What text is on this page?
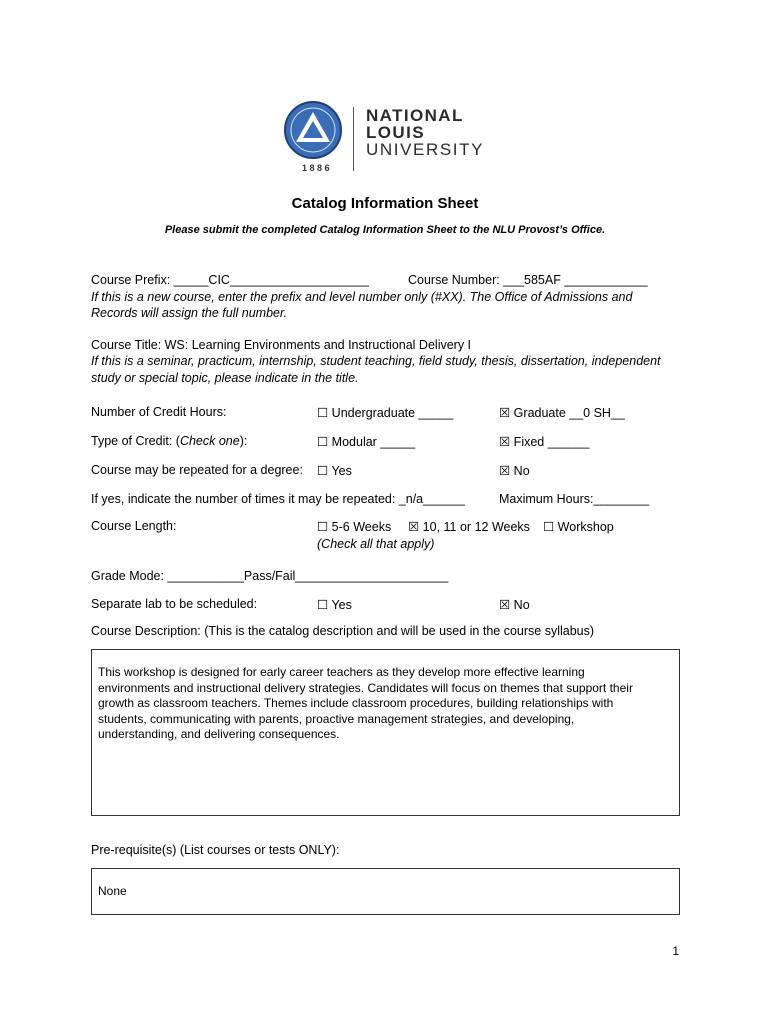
1886
NATIONAL
LOUIS
UNIVERSITY
Catalog Information Sheet
Please submit the completed Catalog Information Sheet to the NLU Provost’s Office.
Course Prefix: _____CIC____________________	Course Number: ___585AF ____________
If this is a new course, enter the prefix and level number only (#XX). The Office of Admissions and
Records will assign the full number.
Course Title: WS: Learning Environments and Instructional Delivery I
If this is a seminar, practicum, internship, student teaching, field study, thesis, dissertation, independent
study or special topic, please indicate in the title.
Number of Credit Hours:	☐ Undergraduate _____	☒ Graduate __0 SH__
Type of Credit: (Check one):	☐ Modular _____	☒ Fixed ______
Course may be repeated for a degree: ☐ Yes	☒ No
If yes, indicate the number of times it may be repeated: _n/a______	Maximum Hours:________
Course Length:	☐ 5-6 Weeks ☒ 10, 11 or 12 Weeks ☐ Workshop
(Check all that apply)
Grade Mode: ___________Pass/Fail______________________
Separate lab to be scheduled:	☐ Yes	☒ No
Course Description: (This is the catalog description and will be used in the course syllabus)
This workshop is designed for early career teachers as they develop more effective learning
environments and instructional delivery strategies. Candidates will focus on themes that support their
growth as classroom teachers. Themes include classroom procedures, building relationships with
students, communicating with parents, proactive management strategies, and developing,
understanding, and delivering consequences.
Pre-requisite(s) (List courses or tests ONLY):
None
1
